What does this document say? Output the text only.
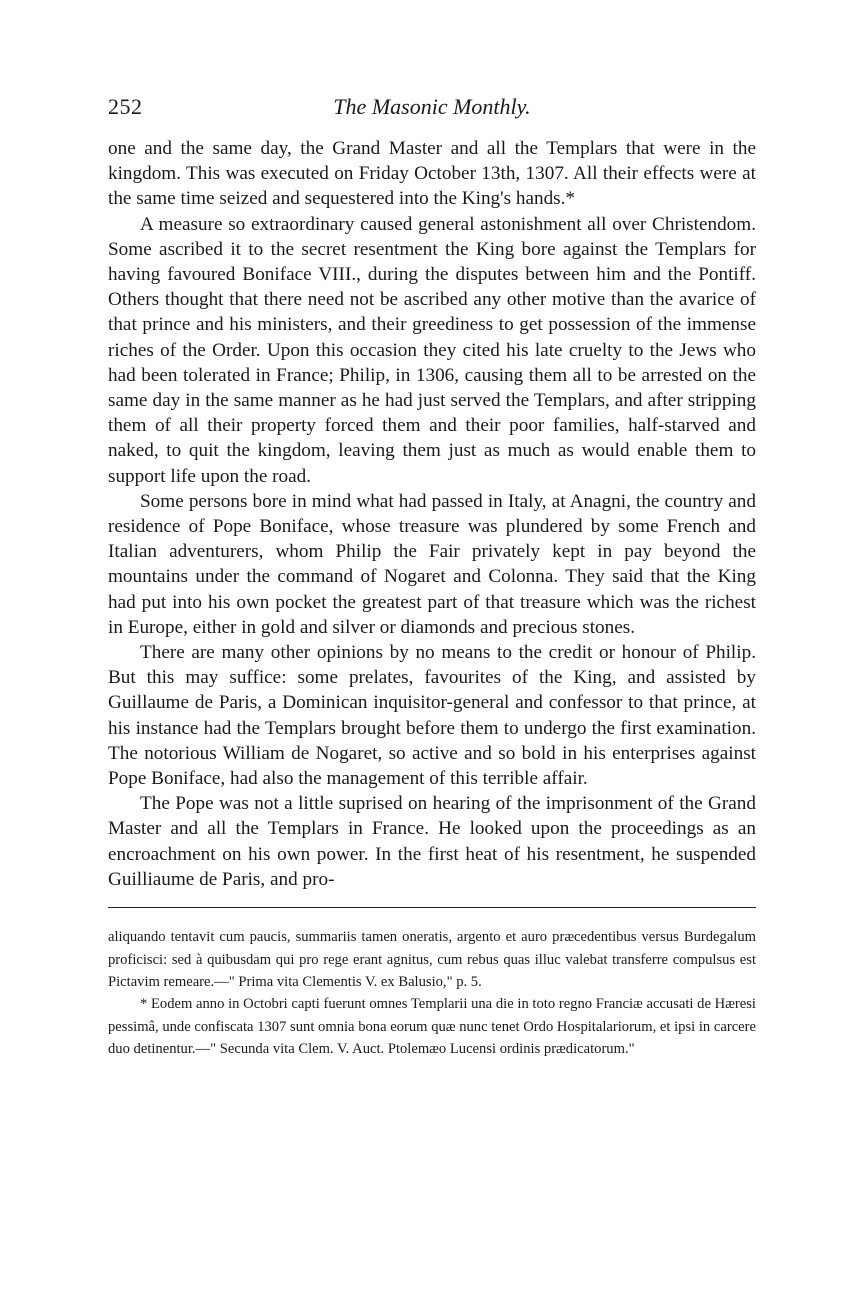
252	The Masonic Monthly.

one and the same day, the Grand Master and all the Templars that were in the kingdom. This was executed on Friday October 13th, 1307. All their effects were at the same time seized and sequestered into the King's hands.*

A measure so extraordinary caused general astonishment all over Christendom. Some ascribed it to the secret resentment the King bore against the Templars for having favoured Boniface VIII., during the disputes between him and the Pontiff. Others thought that there need not be ascribed any other motive than the avarice of that prince and his ministers, and their greediness to get possession of the immense riches of the Order. Upon this occasion they cited his late cruelty to the Jews who had been tolerated in France; Philip, in 1306, causing them all to be arrested on the same day in the same manner as he had just served the Templars, and after stripping them of all their property forced them and their poor families, half-starved and naked, to quit the kingdom, leaving them just as much as would enable them to support life upon the road.

Some persons bore in mind what had passed in Italy, at Anagni, the country and residence of Pope Boniface, whose treasure was plundered by some French and Italian adventurers, whom Philip the Fair privately kept in pay beyond the mountains under the command of Nogaret and Colonna. They said that the King had put into his own pocket the greatest part of that treasure which was the richest in Europe, either in gold and silver or diamonds and precious stones.

There are many other opinions by no means to the credit or honour of Philip. But this may suffice: some prelates, favourites of the King, and assisted by Guillaume de Paris, a Dominican inquisitor-general and confessor to that prince, at his instance had the Templars brought before them to undergo the first examination. The notorious William de Nogaret, so active and so bold in his enterprises against Pope Boniface, had also the management of this terrible affair.

The Pope was not a little suprised on hearing of the imprisonment of the Grand Master and all the Templars in France. He looked upon the proceedings as an encroachment on his own power. In the first heat of his resentment, he suspended Guilliaume de Paris, and pro-

aliquando tentavit cum paucis, summariis tamen oneratis, argento et auro præcedentibus versus Burdegalum proficisci: sed à quibusdam qui pro rege erant agnitus, cum rebus quas illuc valebat transferre compulsus est Pictavim remeare.—" Prima vita Clementis V. ex Balusio," p. 5.

* Eodem anno in Octobri capti fuerunt omnes Templarii una die in toto regno Franciæ accusati de Hæresi pessimâ, unde confiscata 1307 sunt omnia bona eorum quæ nunc tenet Ordo Hospitalariorum, et ipsi in carcere duo detinentur.—" Secunda vita Clem. V. Auct. Ptolemæo Lucensi ordinis prædicatorum."
